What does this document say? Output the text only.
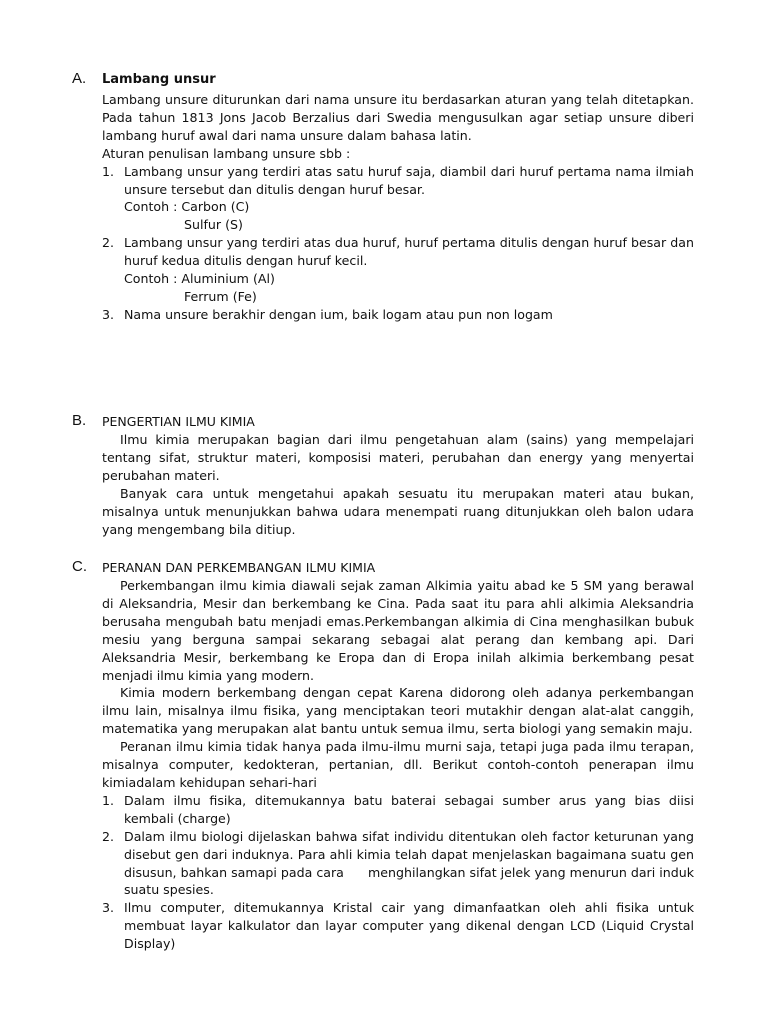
A. Lambang unsur

Lambang unsure diturunkan dari nama unsure itu berdasarkan aturan yang telah ditetapkan. Pada tahun 1813 Jons Jacob Berzalius dari Swedia mengusulkan agar setiap unsure diberi lambang huruf awal dari nama unsure dalam bahasa latin.

Aturan penulisan lambang unsure sbb :

1. Lambang unsur yang terdiri atas satu huruf saja, diambil dari huruf pertama nama ilmiah unsure tersebut dan ditulis dengan huruf besar.
Contoh : Carbon (C)
Sulfur (S)
2. Lambang unsur yang terdiri atas dua huruf, huruf pertama ditulis dengan huruf besar dan huruf kedua ditulis dengan huruf kecil.
Contoh : Aluminium (Al)
Ferrum (Fe)
3. Nama unsure berakhir dengan ium, baik logam atau pun non logam
B. PENGERTIAN ILMU KIMIA

Ilmu kimia merupakan bagian dari ilmu pengetahuan alam (sains) yang mempelajari tentang sifat, struktur materi, komposisi materi, perubahan dan energy yang menyertai perubahan materi.

Banyak cara untuk mengetahui apakah sesuatu itu merupakan materi atau bukan, misalnya untuk menunjukkan bahwa udara menempati ruang ditunjukkan oleh balon udara yang mengembang bila ditiup.

C. PERANAN DAN PERKEMBANGAN ILMU KIMIA

Perkembangan ilmu kimia diawali sejak zaman Alkimia yaitu abad ke 5 SM yang berawal di Aleksandria, Mesir dan berkembang ke Cina. Pada saat itu para ahli alkimia Aleksandria berusaha mengubah batu menjadi emas.Perkembangan alkimia di Cina menghasilkan bubuk mesiu yang berguna sampai sekarang sebagai alat perang dan kembang api. Dari Aleksandria Mesir, berkembang ke Eropa dan di Eropa inilah alkimia berkembang pesat menjadi ilmu kimia yang modern.

Kimia modern berkembang dengan cepat Karena didorong oleh adanya perkembangan ilmu lain, misalnya ilmu fisika, yang menciptakan teori mutakhir dengan alat-alat canggih, matematika yang merupakan alat bantu untuk semua ilmu, serta biologi yang semakin maju.

Peranan ilmu kimia tidak hanya pada ilmu-ilmu murni saja, tetapi juga pada ilmu terapan, misalnya computer, kedokteran, pertanian, dll. Berikut contoh-contoh penerapan ilmu kimiadalam kehidupan sehari-hari

1. Dalam ilmu fisika, ditemukannya batu baterai sebagai sumber arus yang bias diisi kembali (charge)
2. Dalam ilmu biologi dijelaskan bahwa sifat individu ditentukan oleh factor keturunan yang disebut gen dari induknya. Para ahli kimia telah dapat menjelaskan bagaimana suatu gen disusun, bahkan samapi pada cara      menghilangkan sifat jelek yang menurun dari induk suatu spesies.
3. Ilmu computer, ditemukannya Kristal cair yang dimanfaatkan oleh ahli fisika untuk membuat layar kalkulator dan layar computer yang dikenal dengan LCD (Liquid Crystal Display)
